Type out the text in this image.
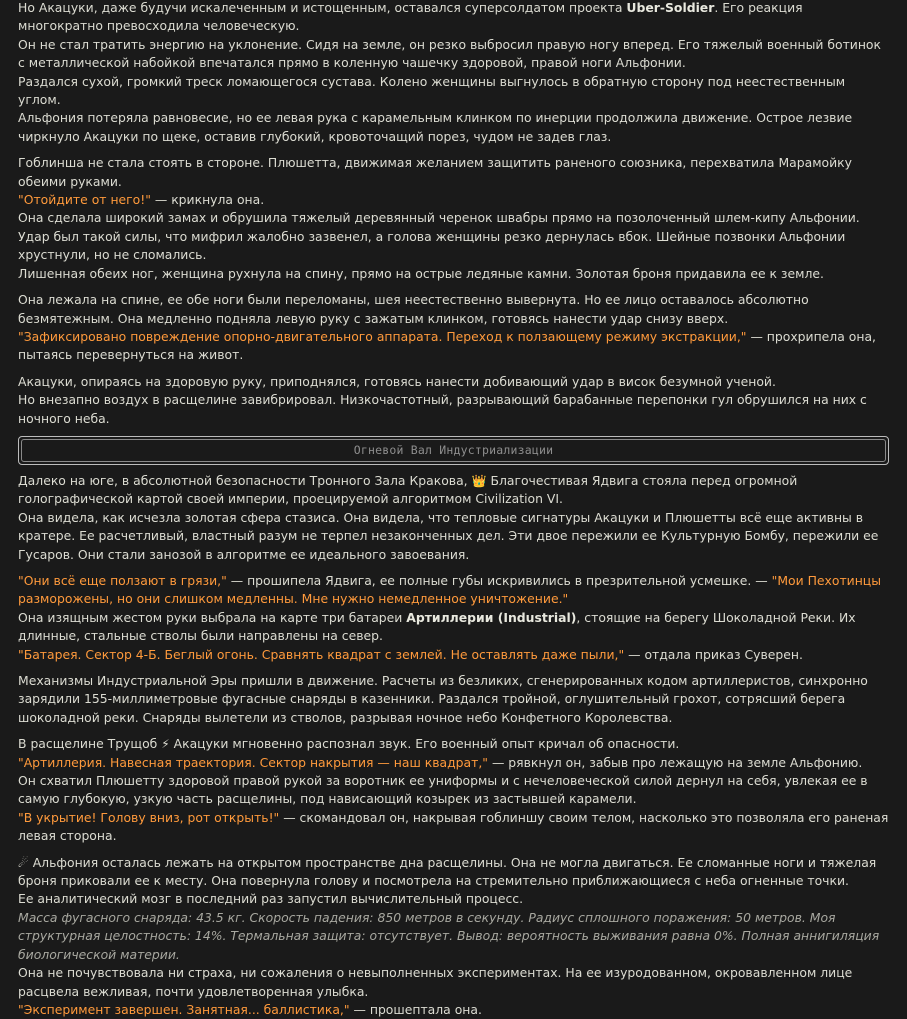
Но Акацуки, даже будучи искалеченным и истощенным, оставался суперсолдатом проекта Uber-Soldier. Его реакция многократно превосходила человеческую.
Он не стал тратить энергию на уклонение. Сидя на земле, он резко выбросил правую ногу вперед. Его тяжелый военный ботинок с металлической набойкой впечатался прямо в коленную чашечку здоровой, правой ноги Альфонии.
Раздался сухой, громкий треск ломающегося сустава. Колено женщины выгнулось в обратную сторону под неестественным углом.
Альфония потеряла равновесие, но ее левая рука с карамельным клинком по инерции продолжила движение. Острое лезвие чиркнуло Акацуки по щеке, оставив глубокий, кровоточащий порез, чудом не задев глаз.
Гоблинша не стала стоять в стороне. Плюшетта, движимая желанием защитить раненого союзника, перехватила Марамойку обеими руками.
"Отойдите от него!" — крикнула она.
Она сделала широкий замах и обрушила тяжелый деревянный черенок швабры прямо на позолоченный шлем-кипу Альфонии. Удар был такой силы, что мифрил жалобно зазвенел, а голова женщины резко дернулась вбок. Шейные позвонки Альфонии хрустнули, но не сломались.
Лишенная обеих ног, женщина рухнула на спину, прямо на острые ледяные камни. Золотая броня придавила ее к земле.
Она лежала на спине, ее обе ноги были переломаны, шея неестественно вывернута. Но ее лицо оставалось абсолютно безмятежным. Она медленно подняла левую руку с зажатым клинком, готовясь нанести удар снизу вверх.
"Зафиксировано повреждение опорно-двигательного аппарата. Переход к ползающему режиму экстракции," — прохрипела она, пытаясь перевернуться на живот.
Акацуки, опираясь на здоровую руку, приподнялся, готовясь нанести добивающий удар в висок безумной ученой.
Но внезапно воздух в расщелине завибрировал. Низкочастотный, разрывающий барабанные перепонки гул обрушился на них с ночного неба.
Огневой Вал Индустриализации
Далеко на юге, в абсолютной безопасности Тронного Зала Кракова, 👑 Благочестивая Ядвига стояла перед огромной голографической картой своей империи, проецируемой алгоритмом Civilization VI.
Она видела, как исчезла золотая сфера стазиса. Она видела, что тепловые сигнатуры Акацуки и Плюшетты всё еще активны в кратере. Ее расчетливый, властный разум не терпел незаконченных дел. Эти двое пережили ее Культурную Бомбу, пережили ее Гусаров. Они стали занозой в алгоритме ее идеального завоевания.
"Они всё еще ползают в грязи," — прошипела Ядвига, ее полные губы искривились в презрительной усмешке. — "Мои Пехотинцы разморожены, но они слишком медленны. Мне нужно немедленное уничтожение."
Она изящным жестом руки выбрала на карте три батареи Артиллерии (Industrial), стоящие на берегу Шоколадной Реки. Их длинные, стальные стволы были направлены на север.
"Батарея. Сектор 4-Б. Беглый огонь. Сравнять квадрат с землей. Не оставлять даже пыли," — отдала приказ Суверен.
Механизмы Индустриальной Эры пришли в движение. Расчеты из безликих, сгенерированных кодом артиллеристов, синхронно зарядили 155-миллиметровые фугасные снаряды в казенники. Раздался тройной, оглушительный грохот, сотрясший берега шоколадной реки. Снаряды вылетели из стволов, разрывая ночное небо Конфетного Королевства.
В расщелине Трущоб ⚡ Акацуки мгновенно распознал звук. Его военный опыт кричал об опасности.
"Артиллерия. Навесная траектория. Сектор накрытия — наш квадрат," — рявкнул он, забыв про лежащую на земле Альфонию.
Он схватил Плюшетту здоровой правой рукой за воротник ее униформы и с нечеловеческой силой дернул на себя, увлекая ее в самую глубокую, узкую часть расщелины, под нависающий козырек из застывшей карамели.
"В укрытие! Голову вниз, рот открыть!" — скомандовал он, накрывая гоблиншу своим телом, насколько это позволяла его раненая левая сторона.
☄ Альфония осталась лежать на открытом пространстве дна расщелины. Она не могла двигаться. Ее сломанные ноги и тяжелая броня приковали ее к месту. Она повернула голову и посмотрела на стремительно приближающиеся с неба огненные точки.
Ее аналитический мозг в последний раз запустил вычислительный процесс.
Масса фугасного снаряда: 43.5 кг. Скорость падения: 850 метров в секунду. Радиус сплошного поражения: 50 метров. Моя структурная целостность: 14%. Термальная защита: отсутствует. Вывод: вероятность выживания равна 0%. Полная аннигиляция биологической материи.
Она не почувствовала ни страха, ни сожаления о невыполненных экспериментах. На ее изуродованном, окровавленном лице расцвела вежливая, почти удовлетворенная улыбка.
"Эксперимент завершен. Занятная... баллистика," — прошептала она.
